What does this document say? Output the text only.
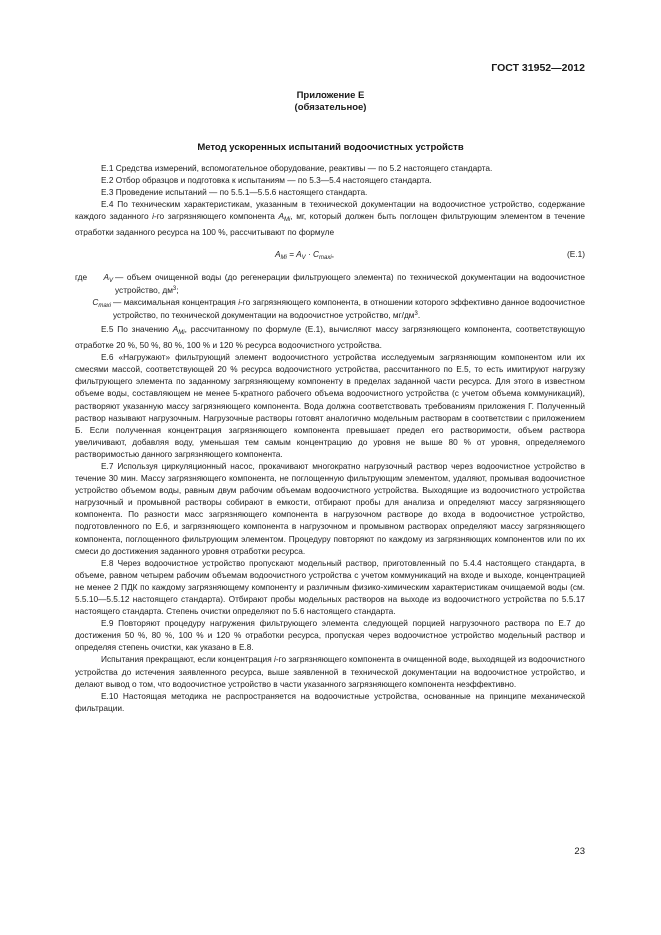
ГОСТ 31952—2012
Приложение Е
(обязательное)
Метод ускоренных испытаний водоочистных устройств

Е.1 Средства измерений, вспомогательное оборудование, реактивы — по 5.2 настоящего стандарта.

Е.2 Отбор образцов и подготовка к испытаниям — по 5.3—5.4 настоящего стандарта.

Е.3 Проведение испытаний — по 5.5.1—5.5.6 настоящего стандарта.

Е.4 По техническим характеристикам, указанным в технической документации на водоочистное устройство, содержание каждого заданного i-го загрязняющего компонента $A_{Mi}$, мг, который должен быть поглощен фильтрующим элементом в течение отработки заданного ресурса на 100 %, рассчитывают по формуле

$A_{Mi} = A_V \cdot C_{maxi}$,	(Е.1)
где	$A_V$ — объем очищенной воды (до регенерации фильтрующего элемента) по технической документации на водоочистное устройство, $дм^3$;
$C_{maxi}$ — максимальная концентрация i-го загрязняющего компонента, в отношении которого эффективно данное водоочистное устройство, по технической документации на водоочистное устройство, $мг/дм^3$.

Е.5 По значению $A_{Mi}$, рассчитанному по формуле (Е.1), вычисляют массу загрязняющего компонента, соответствующую отработке 20 %, 50 %, 80 %, 100 % и 120 % ресурса водоочистного устройства.

Е.6 «Нагружают» фильтрующий элемент водоочистного устройства исследуемым загрязняющим компонентом или их смесями массой, соответствующей 20 % ресурса водоочистного устройства, рассчитанного по Е.5, то есть имитируют нагрузку фильтрующего элемента по заданному загрязняющему компоненту в пределах заданной части ресурса. Для этого в известном объеме воды, составляющем не менее 5-кратного рабочего объема водоочистного устройства (с учетом объема коммуникаций), растворяют указанную массу загрязняющего компонента. Вода должна соответствовать требованиям приложения Г. Полученный раствор называют нагрузочным. Нагрузочные растворы готовят аналогично модельным растворам в соответствии с приложением Б. Если полученная концентрация загрязняющего компонента превышает предел его растворимости, объем раствора увеличивают, добавляя воду, уменьшая тем самым концентрацию до уровня не выше 80 % от уровня, определяемого растворимостью данного загрязняющего компонента.

Е.7 Используя циркуляционный насос, прокачивают многократно нагрузочный раствор через водоочистное устройство в течение 30 мин. Массу загрязняющего компонента, не поглощенную фильтрующим элементом, удаляют, промывая водоочистное устройство объемом воды, равным двум рабочим объемам водоочистного устройства. Выходящие из водоочистного устройства нагрузочный и промывной растворы собирают в емкости, отбирают пробы для анализа и определяют массу загрязняющего компонента. По разности масс загрязняющего компонента в нагрузочном растворе до входа в водоочистное устройство, подготовленного по Е.6, и загрязняющего компонента в нагрузочном и промывном растворах определяют массу загрязняющего компонента, поглощенного фильтрующим элементом. Процедуру повторяют по каждому из загрязняющих компонентов или по их смеси до достижения заданного уровня отработки ресурса.

Е.8 Через водоочистное устройство пропускают модельный раствор, приготовленный по 5.4.4 настоящего стандарта, в объеме, равном четырем рабочим объемам водоочистного устройства с учетом коммуникаций на входе и выходе, концентрацией не менее 2 ПДК по каждому загрязняющему компоненту и различным физико-химическим характеристикам очищаемой воды (см. 5.5.10—5.5.12 настоящего стандарта). Отбирают пробы модельных растворов на выходе из водоочистного устройства по 5.5.17 настоящего стандарта. Степень очистки определяют по 5.6 настоящего стандарта.

Е.9 Повторяют процедуру нагружения фильтрующего элемента следующей порцией нагрузочного раствора по Е.7 до достижения 50 %, 80 %, 100 % и 120 % отработки ресурса, пропуская через водоочистное устройство модельный раствор и определяя степень очистки, как указано в Е.8.

Испытания прекращают, если концентрация i-го загрязняющего компонента в очищенной воде, выходящей из водоочистного устройства до истечения заявленного ресурса, выше заявленной в технической документации на водоочистное устройство, и делают вывод о том, что водоочистное устройство в части указанного загрязняющего компонента неэффективно.

Е.10 Настоящая методика не распространяется на водоочистные устройства, основанные на принципе механической фильтрации.

23
